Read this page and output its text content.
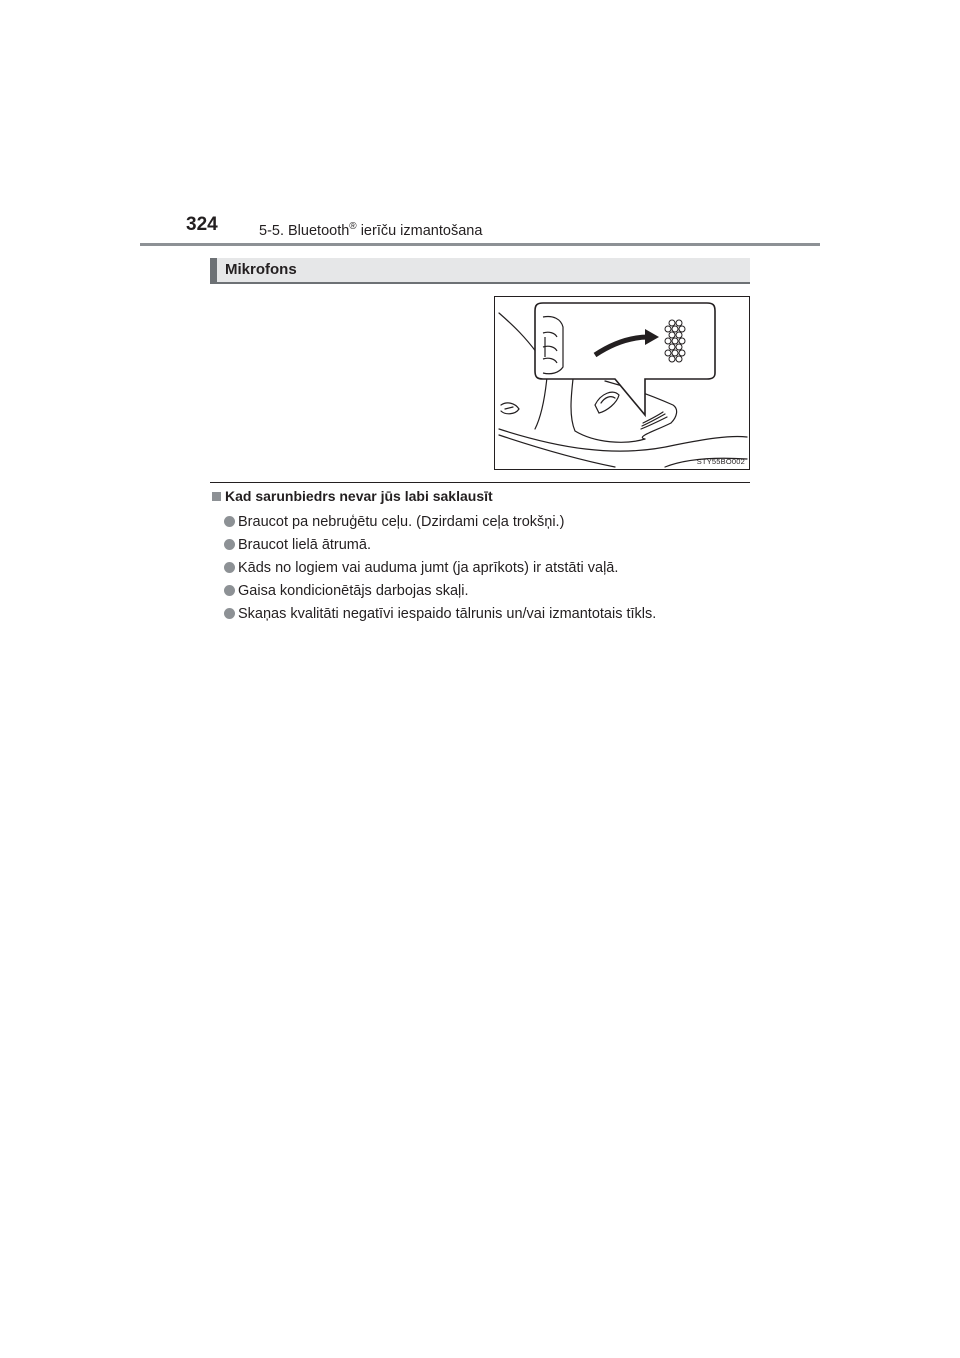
324	5-5. Bluetooth® ierīču izmantošana
Mikrofons
STY55BO002
Kad sarunbiedrs nevar jūs labi saklausīt
Braucot pa nebruģētu ceļu. (Dzirdami ceļa trokšņi.)
Braucot lielā ātrumā.
Kāds no logiem vai auduma jumt (ja aprīkots) ir atstāti vaļā.
Gaisa kondicionētājs darbojas skaļi.
Skaņas kvalitāti negatīvi iespaido tālrunis un/vai izmantotais tīkls.
